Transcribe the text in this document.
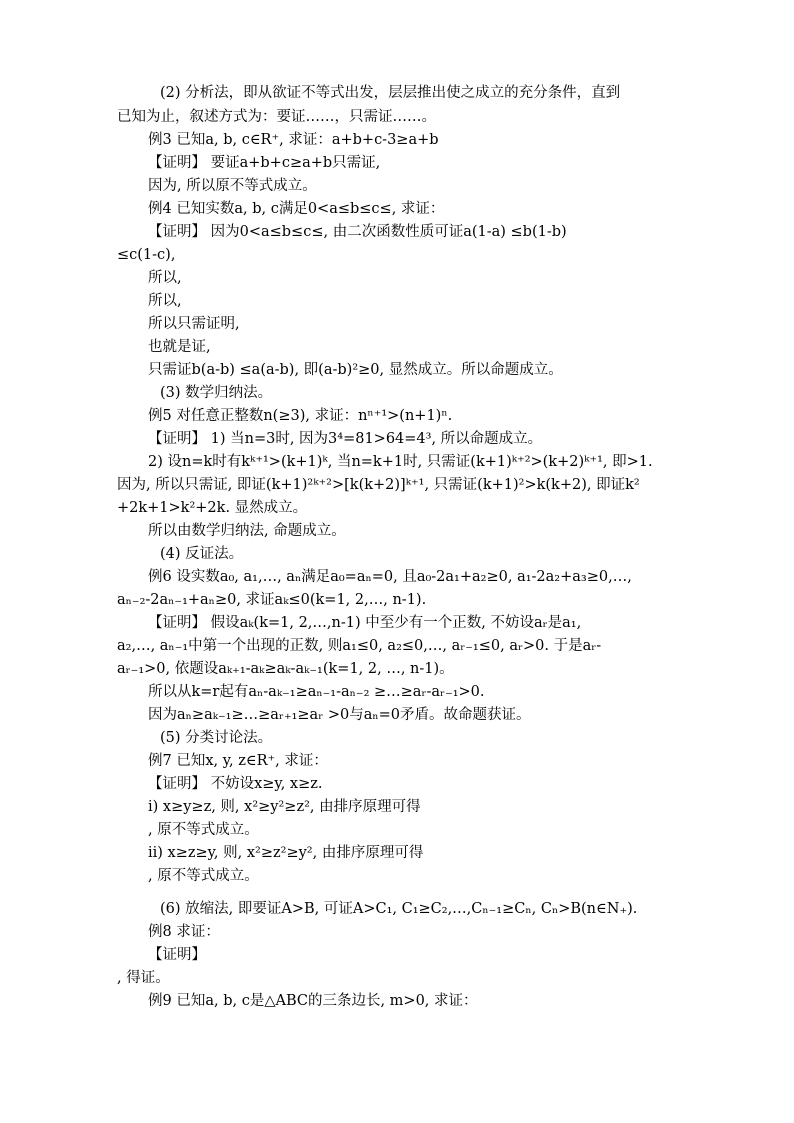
(2) 分析法，即从欲证不等式出发，层层推出使之成立的充分条件，直到
已知为止，叙述方式为：要证……，只需证……。
例3 已知a, b, c∈R⁺, 求证：a+b+c-3≥a+b
【证明】 要证a+b+c≥a+b只需证,
因为, 所以原不等式成立。
例4 已知实数a, b, c满足0<a≤b≤c≤, 求证：
【证明】 因为0<a≤b≤c≤, 由二次函数性质可证a(1-a) ≤b(1-b)
≤c(1-c),
所以,
所以,
所以只需证明,
也就是证,
只需证b(a-b) ≤a(a-b), 即(a-b)²≥0, 显然成立。所以命题成立。
(3) 数学归纳法。
例5 对任意正整数n(≥3), 求证：nⁿ⁺¹>(n+1)ⁿ.
【证明】 1) 当n=3时, 因为3⁴=81>64=4³, 所以命题成立。
2) 设n=k时有kᵏ⁺¹>(k+1)ᵏ, 当n=k+1时, 只需证(k+1)ᵏ⁺²>(k+2)ᵏ⁺¹, 即>1.
因为, 所以只需证, 即证(k+1)²ᵏ⁺²>[k(k+2)]ᵏ⁺¹, 只需证(k+1)²>k(k+2), 即证k²
+2k+1>k²+2k. 显然成立。
所以由数学归纳法, 命题成立。
(4) 反证法。
例6 设实数a₀, a₁,…, aₙ满足a₀=aₙ=0, 且a₀-2a₁+a₂≥0, a₁-2a₂+a₃≥0,…,
aₙ₋₂-2aₙ₋₁+aₙ≥0, 求证aₖ≤0(k=1, 2,…, n-1).
【证明】 假设aₖ(k=1, 2,…,n-1) 中至少有一个正数, 不妨设aᵣ是a₁,
a₂,…, aₙ₋₁中第一个出现的正数, 则a₁≤0, a₂≤0,…, aᵣ₋₁≤0, aᵣ>0. 于是aᵣ-
aᵣ₋₁>0, 依题设aₖ₊₁-aₖ≥aₖ-aₖ₋₁(k=1, 2, …, n-1)。
所以从k=r起有aₙ-aₖ₋₁≥aₙ₋₁-aₙ₋₂ ≥…≥aᵣ-aᵣ₋₁>0.
因为aₙ≥aₖ₋₁≥…≥aᵣ₊₁≥aᵣ >0与aₙ=0矛盾。故命题获证。
(5) 分类讨论法。
例7 已知x, y, z∈R⁺, 求证：
【证明】 不妨设x≥y, x≥z.
ⅰ) x≥y≥z, 则, x²≥y²≥z², 由排序原理可得
, 原不等式成立。
ⅱ) x≥z≥y, 则, x²≥z²≥y², 由排序原理可得
, 原不等式成立。
(6) 放缩法, 即要证A>B, 可证A>C₁, C₁≥C₂,…,Cₙ₋₁≥Cₙ, Cₙ>B(n∈N₊).
例8 求证：
【证明】
, 得证。
例9 已知a, b, c是△ABC的三条边长, m>0, 求证：
